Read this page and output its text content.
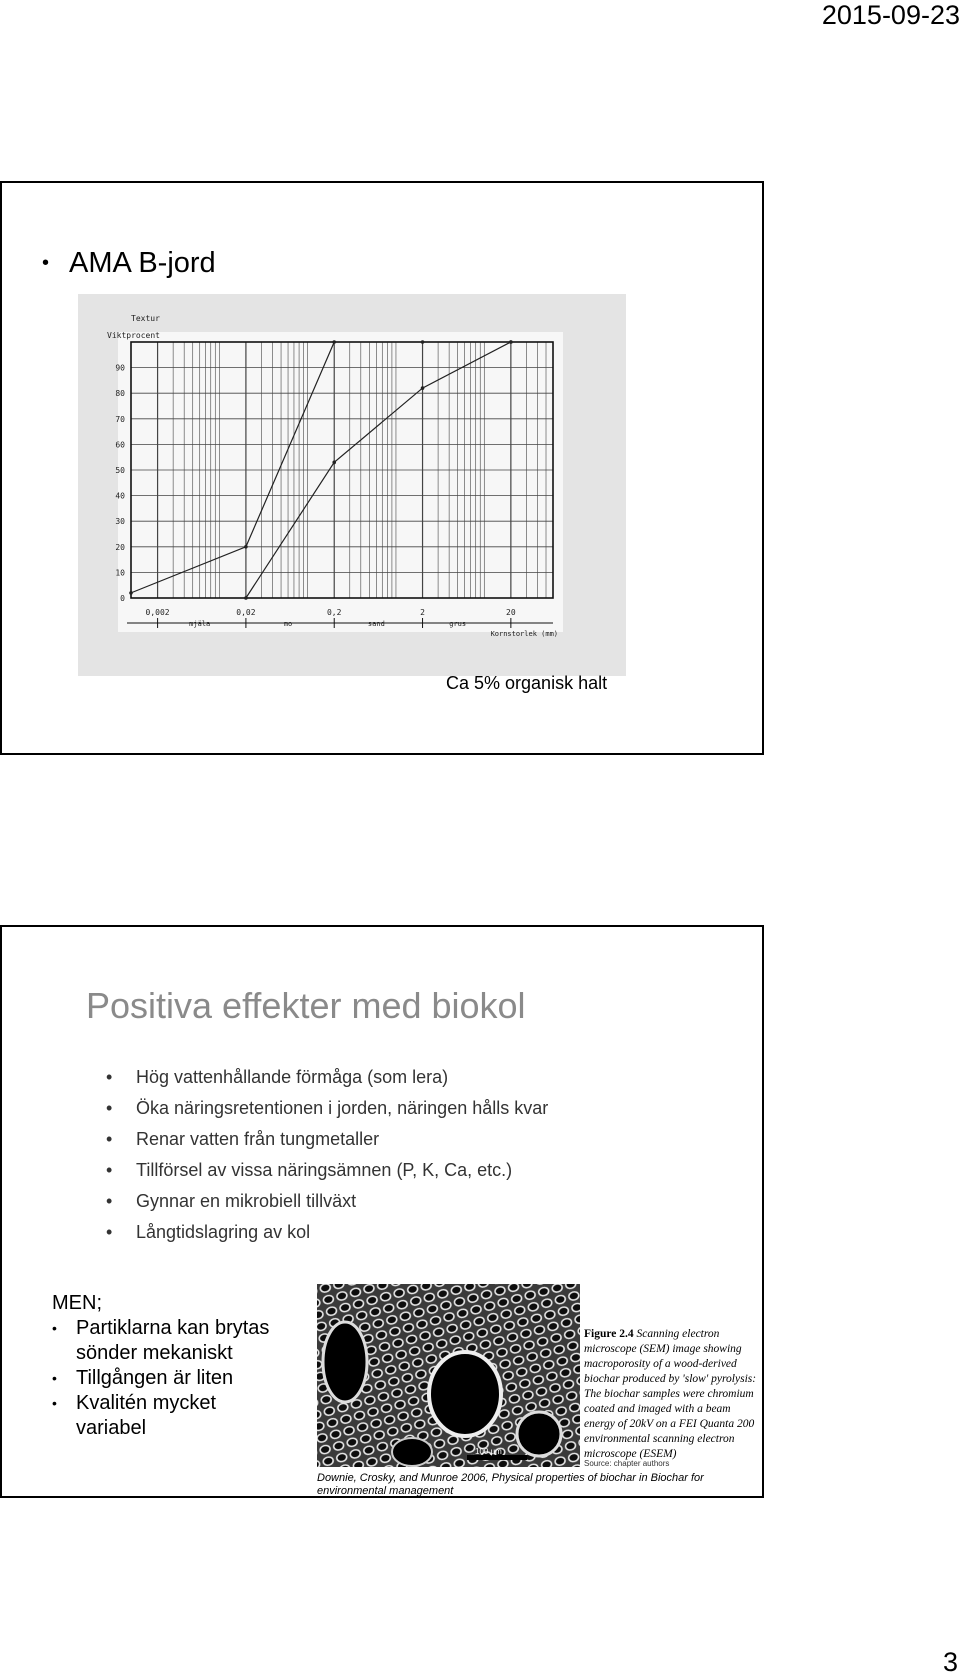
2015-09-23
• AMA B-jord
0
10
20
30
40
50
60
70
80
90
Textur
Viktprocent
Kornstorlek (mm)
0,002	0,02	0,2	2	20
mjäla	mo	sand	grus
Ca 5% organisk halt
Positiva effekter med biokol
• Hög vattenhållande förmåga (som lera)
• Öka näringsretentionen i jorden, näringen hålls kvar
• Renar vatten från tungmetaller
• Tillförsel av vissa näringsämnen (P, K, Ca, etc.)
• Gynnar en mikrobiell tillväxt
• Långtidslagring av kol
MEN;
• Partiklarna kan brytas sönder mekaniskt
• Tillgången är liten
• Kvalitén mycket variabel
100 µm
Figure 2.4 Scanning electron microscope (SEM) image showing macroporosity of a wood-derived biochar produced by 'slow' pyrolysis: The biochar samples were chromium coated and imaged with a beam energy of 20kV on a FEI Quanta 200 environmental scanning electron microscope (ESEM)
Source: chapter authors
Downie, Crosky, and Munroe 2006, Physical properties of biochar in Biochar for environmental management
3
